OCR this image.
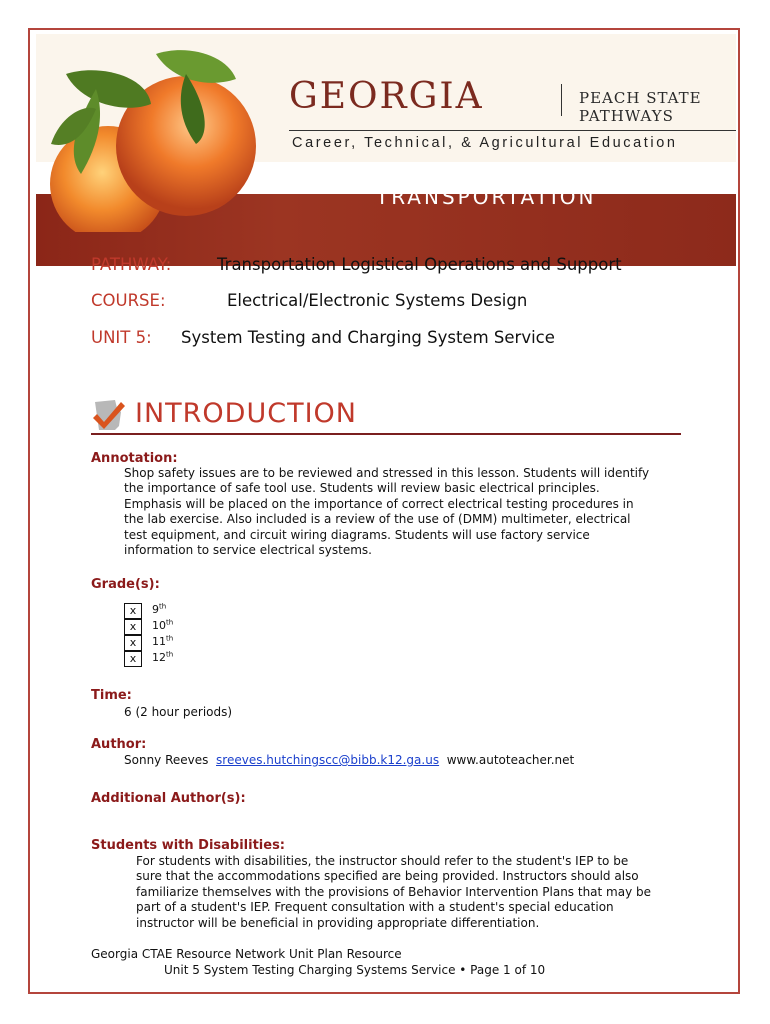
GEORGIA	PEACH STATE PATHWAYS
Career, Technical, & Agricultural Education
TRANSPORTATION
PATHWAY:	Transportation Logistical Operations and Support
COURSE:	Electrical/Electronic Systems Design
UNIT 5: System Testing and Charging System Service
INTRODUCTION
Annotation:

Shop safety issues are to be reviewed and stressed in this lesson. Students will identify

the importance of safe tool use. Students will review basic electrical principles.

Emphasis will be placed on the importance of correct electrical testing procedures in

the lab exercise. Also included is a review of the use of (DMM) multimeter, electrical

test equipment, and circuit wiring diagrams. Students will use factory service

information to service electrical systems.

Grade(s):
x	9th
x	10th
x	11th
x	12th
Time:
6 (2 hour periods)
Author:
Sonny Reeves sreeves.hutchingscc@bibb.k12.ga.us www.autoteacher.net
Additional Author(s):
Students with Disabilities:

For students with disabilities, the instructor should refer to the student's IEP to be

sure that the accommodations specified are being provided. Instructors should also

familiarize themselves with the provisions of Behavior Intervention Plans that may be

part of a student's IEP. Frequent consultation with a student's special education

instructor will be beneficial in providing appropriate differentiation.

Georgia CTAE Resource Network Unit Plan Resource
Unit 5 System Testing Charging Systems Service • Page 1 of 10
